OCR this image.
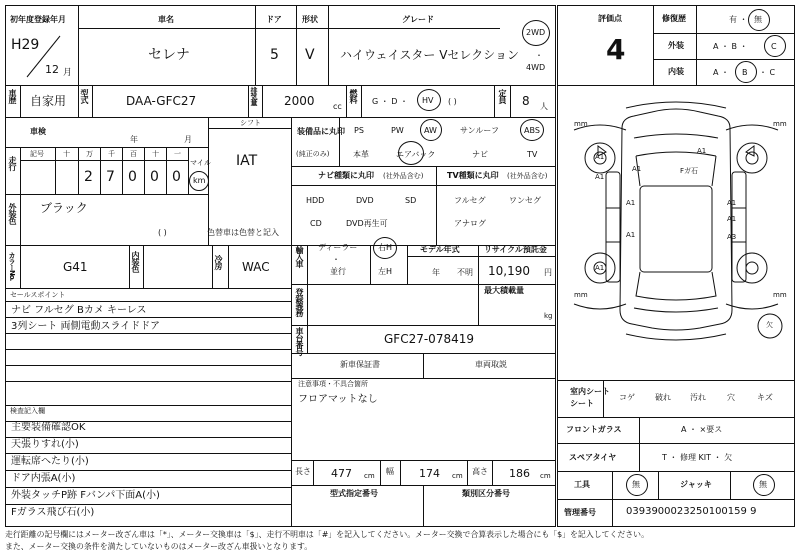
初年度登録年月
H29
12 月
車名
セレナ
ドア
5
形状
V
グレード
ハイウェイスター Vセレクション
2WD
・
4WD
車歴 自家用 型式	DAA-GFC27	排気量 2000 cc
燃料 G ・ D ・ HV ( )	定員 8 人
車検
年	月
シフト
IAT
走行
記号	十 万 千 百 十 一
マイル
2 7 0 0 0 km
外装色 ブラック
( )	色替車は色替と記入
カラーNo.	G41	内装色	冷房 WAC
装備品に丸印
(純正のみ)
PS	PW	AW	サンルーフ	ABS
本革	エアバック	ナビ	TV
ナビ種類に丸印 (社外品含む)
HDD	DVD	SD
CD	DVD再生可
TV種類に丸印 (社外品含む)
フルセグ	ワンセグ
アナログ
輸入車 ディーラー
・
並行
右H
左H
モデル年式
年 不明
リサイクル預託金
10,190 円
セールスポイント
ナビ フルセグ Bカメ キーレス
3列シート 両側電動スライドドア
登録義務	最大積載量
kg
車台番号	GFC27-078419
新車保証書	車両取説
注意事項・不具合箇所
フロアマットなし
検査記入欄
主要装備確認OK
天張りすれ(小)
運転席へたり(小)
ドア内張A(小)
外装タッチP跡 Fバンパ下面A(小)
Fガラス飛び石(小)
長さ 477 cm 幅 174 cm 高さ 186 cm
型式指定番号	類別区分番号
走行距離の記号欄にはメーター改ざん車は「*」、メーター交換車は「$」、走行不明車は「#」を記入してください。メーター交換で合算表示した場合にも「$」を記入してください。
また、メーター交換の条件を満たしていないものはメーター改ざん車扱いとなります。
評価点
4
修復歴	有 ・ 無
外装	A ・ B ・	C
内装	A ・ B ・ C
mm	mm
mm	mm
A1
A1
A1
A1
A1
A1
A1
A3
A1
A1
Fガ石
欠
室内シート
シート
コゲ	破れ 汚れ	穴	キズ
フロントガラス	A ・ ×要ス
スペアタイヤ	T ・ 修理 KIT ・ 欠
工具	無	ジャッキ	無
管理番号	0393900023250100159 9
